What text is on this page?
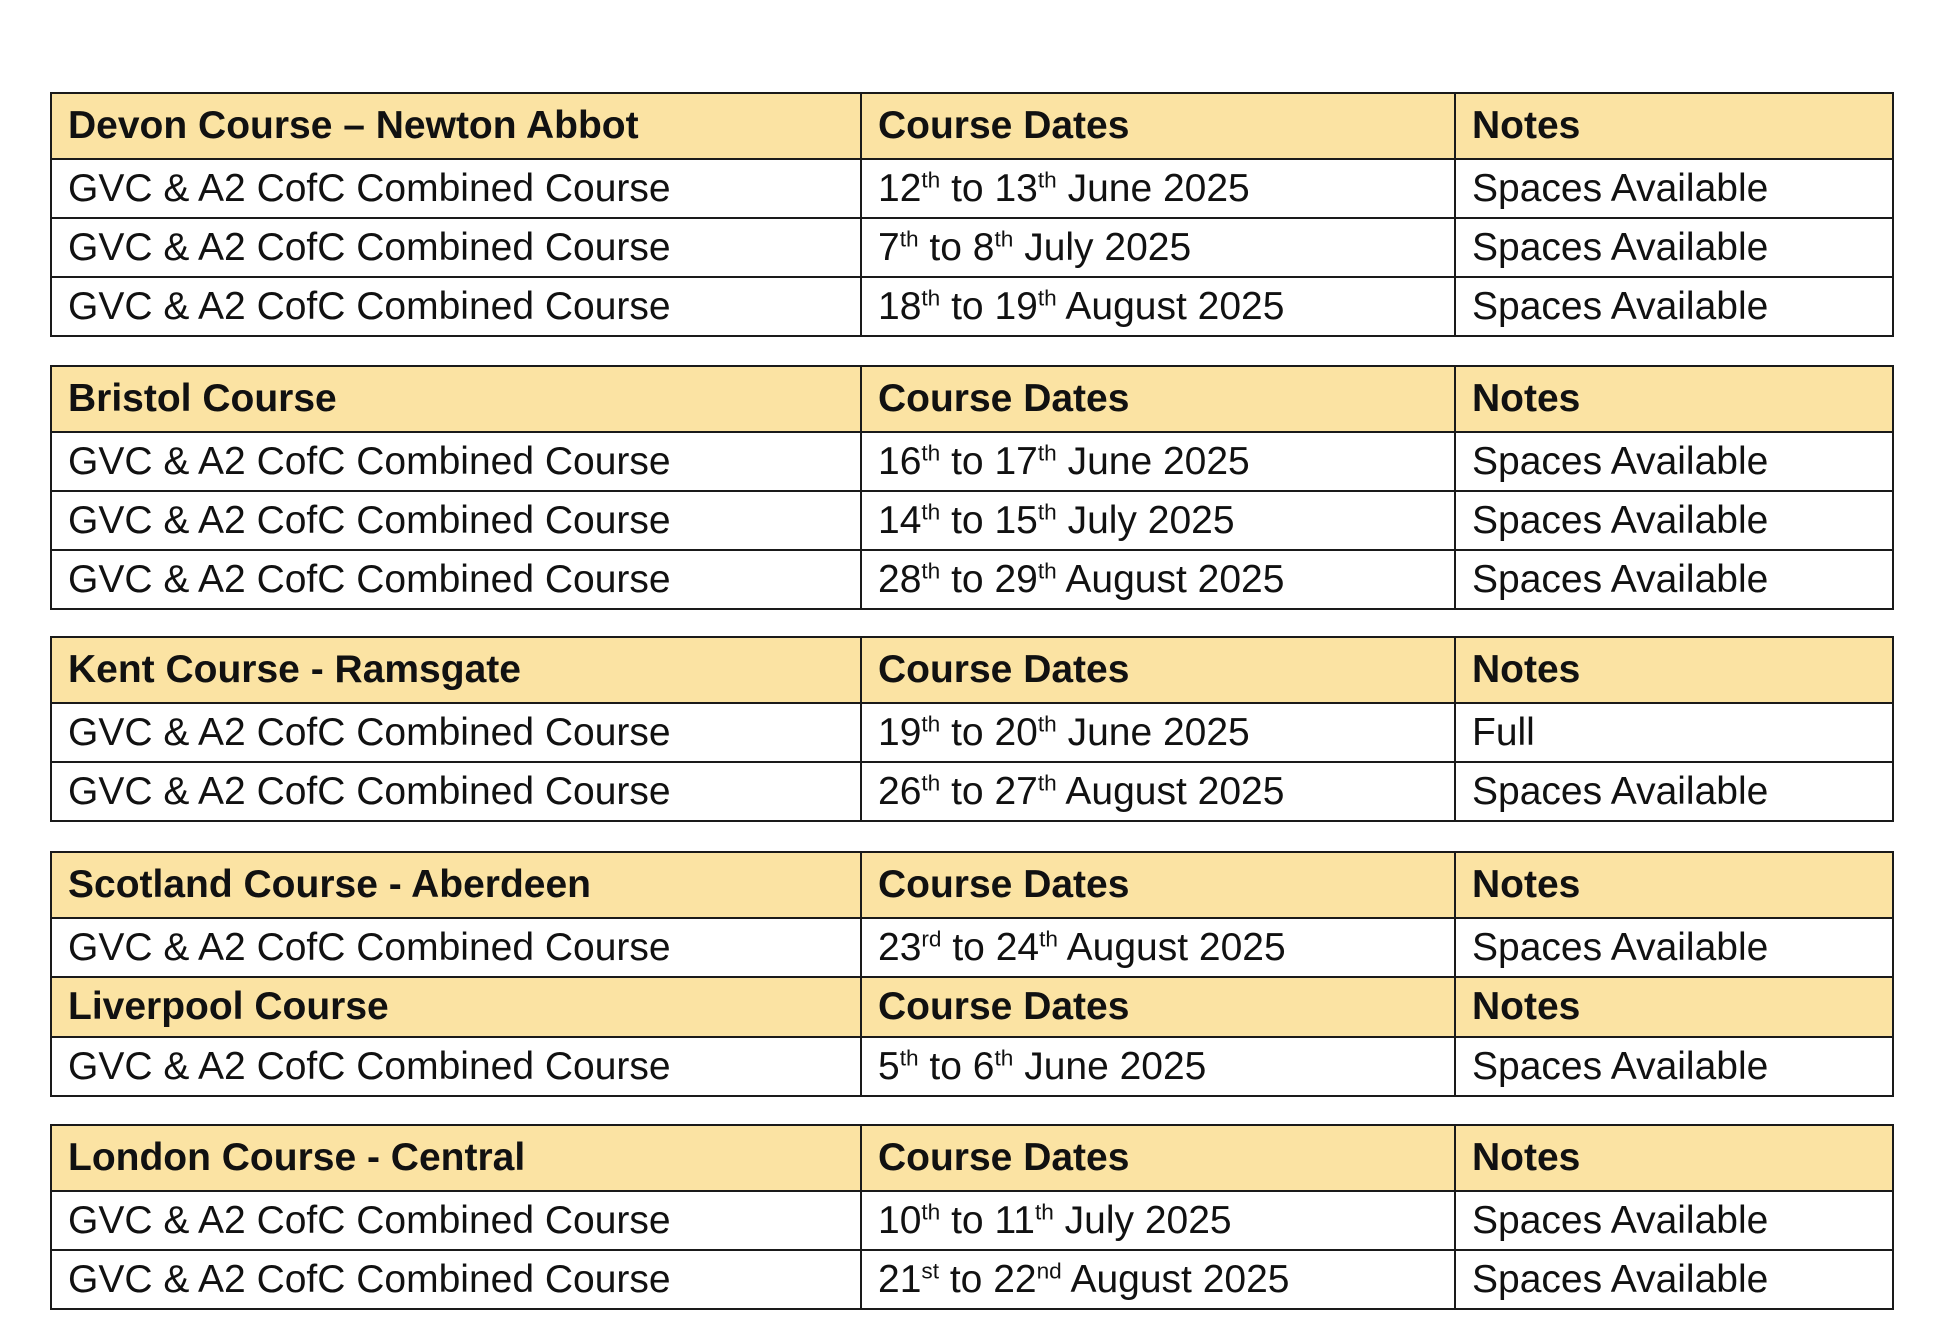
Devon Course – Newton Abbot	Course Dates	Notes
GVC & A2 CofC Combined Course	12th to 13th June 2025	Spaces Available
GVC & A2 CofC Combined Course	7th to 8th July 2025	Spaces Available
GVC & A2 CofC Combined Course	18th to 19th August 2025	Spaces Available
Bristol Course	Course Dates	Notes
GVC & A2 CofC Combined Course	16th to 17th June 2025	Spaces Available
GVC & A2 CofC Combined Course	14th to 15th July 2025	Spaces Available
GVC & A2 CofC Combined Course	28th to 29th August 2025	Spaces Available
Kent Course - Ramsgate	Course Dates	Notes
GVC & A2 CofC Combined Course	19th to 20th June 2025	Full
GVC & A2 CofC Combined Course	26th to 27th August 2025	Spaces Available
Scotland Course - Aberdeen	Course Dates	Notes
GVC & A2 CofC Combined Course	23rd to 24th August 2025	Spaces Available
Liverpool Course	Course Dates	Notes
GVC & A2 CofC Combined Course	5th to 6th June 2025	Spaces Available
London Course - Central	Course Dates	Notes
GVC & A2 CofC Combined Course	10th to 11th July 2025	Spaces Available
GVC & A2 CofC Combined Course	21st to 22nd August 2025	Spaces Available
